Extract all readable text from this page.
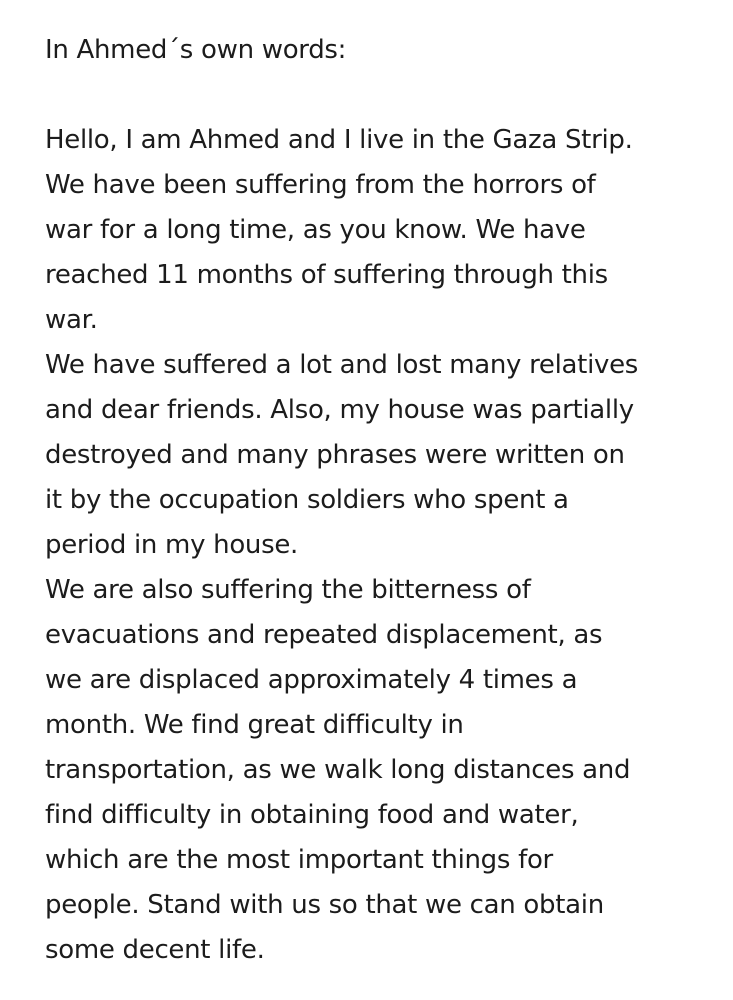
In Ahmed´s own words:
Hello, I am Ahmed and I live in the Gaza Strip.
We have been suffering from the horrors of
war for a long time, as you know. We have
reached 11 months of suffering through this
war.
We have suffered a lot and lost many relatives
and dear friends. Also, my house was partially
destroyed and many phrases were written on
it by the occupation soldiers who spent a
period in my house.
We are also suffering the bitterness of
evacuations and repeated displacement, as
we are displaced approximately 4 times a
month. We find great difficulty in
transportation, as we walk long distances and
find difficulty in obtaining food and water,
which are the most important things for
people. Stand with us so that we can obtain
some decent life.
